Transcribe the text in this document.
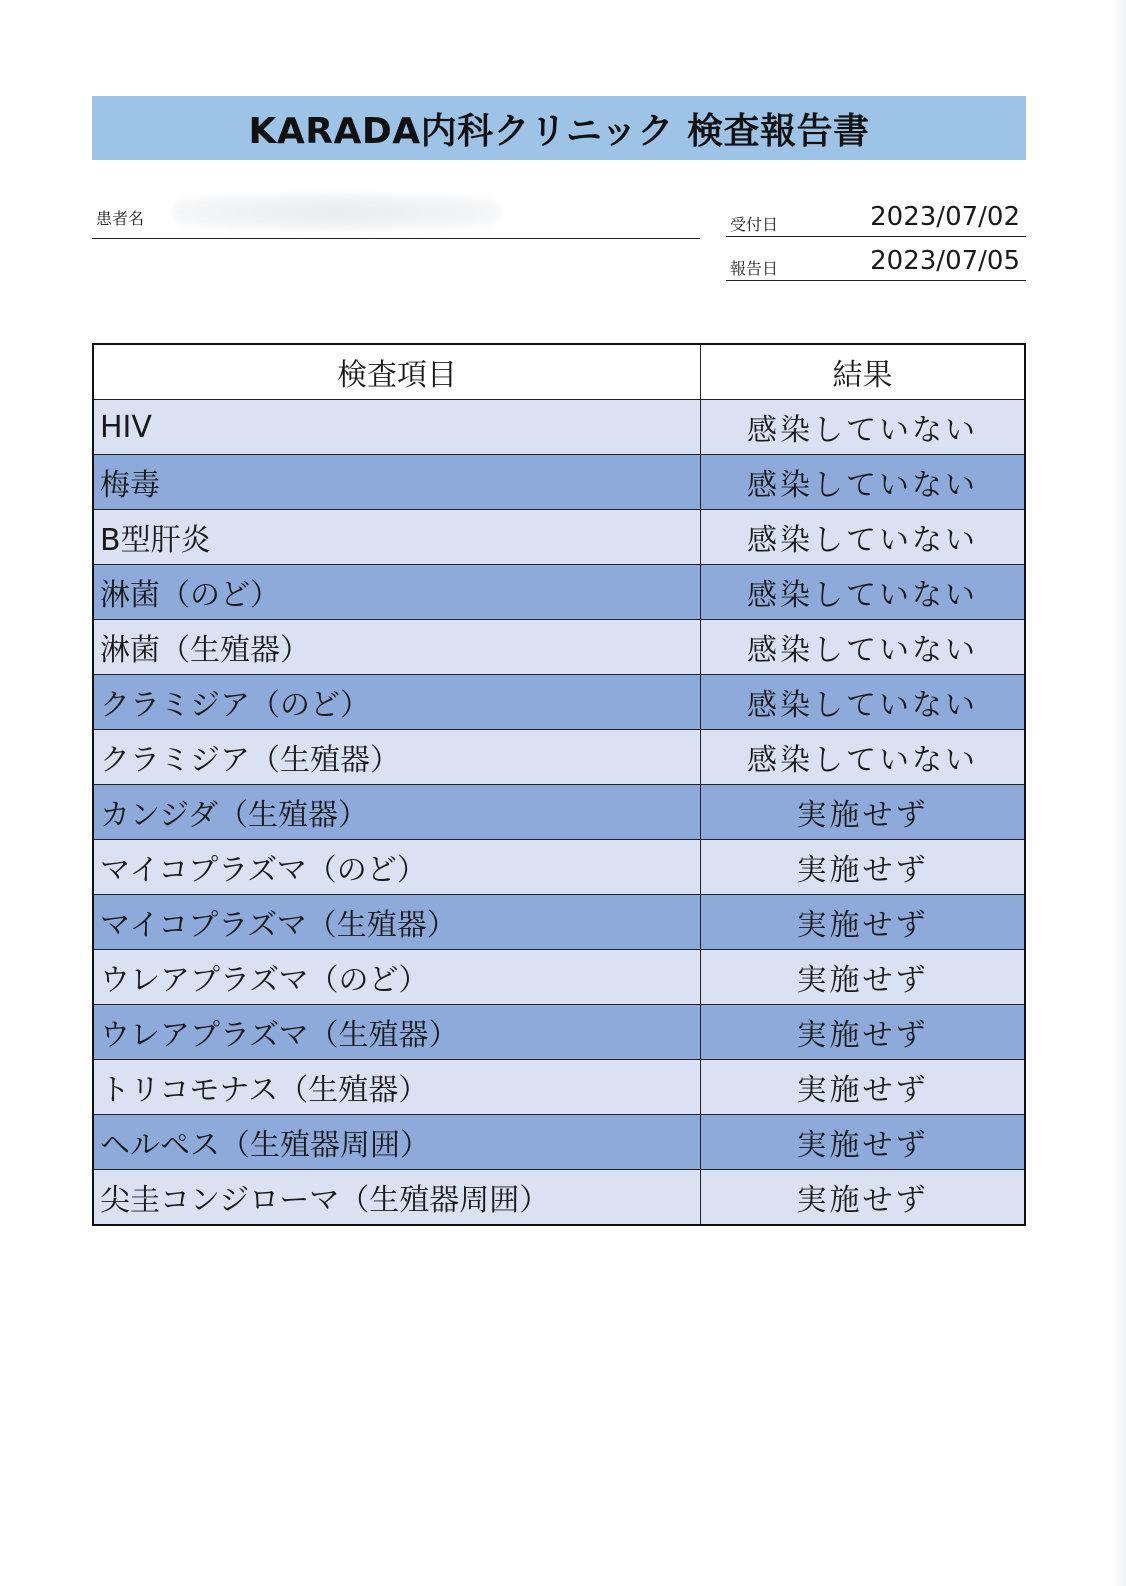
KARADA内科クリニック 検査報告書
患者名	受付日	2023/07/02
報告日	2023/07/05
検査項目	結果
HIV	感染していない
梅毒	感染していない
B型肝炎	感染していない
淋菌（のど）	感染していない
淋菌（生殖器）	感染していない
クラミジア（のど）	感染していない
クラミジア（生殖器）	感染していない
カンジダ（生殖器）	実施せず
マイコプラズマ（のど）	実施せず
マイコプラズマ（生殖器）	実施せず
ウレアプラズマ（のど）	実施せず
ウレアプラズマ（生殖器）	実施せず
トリコモナス（生殖器）	実施せず
ヘルペス（生殖器周囲）	実施せず
尖圭コンジローマ（生殖器周囲）	実施せず
